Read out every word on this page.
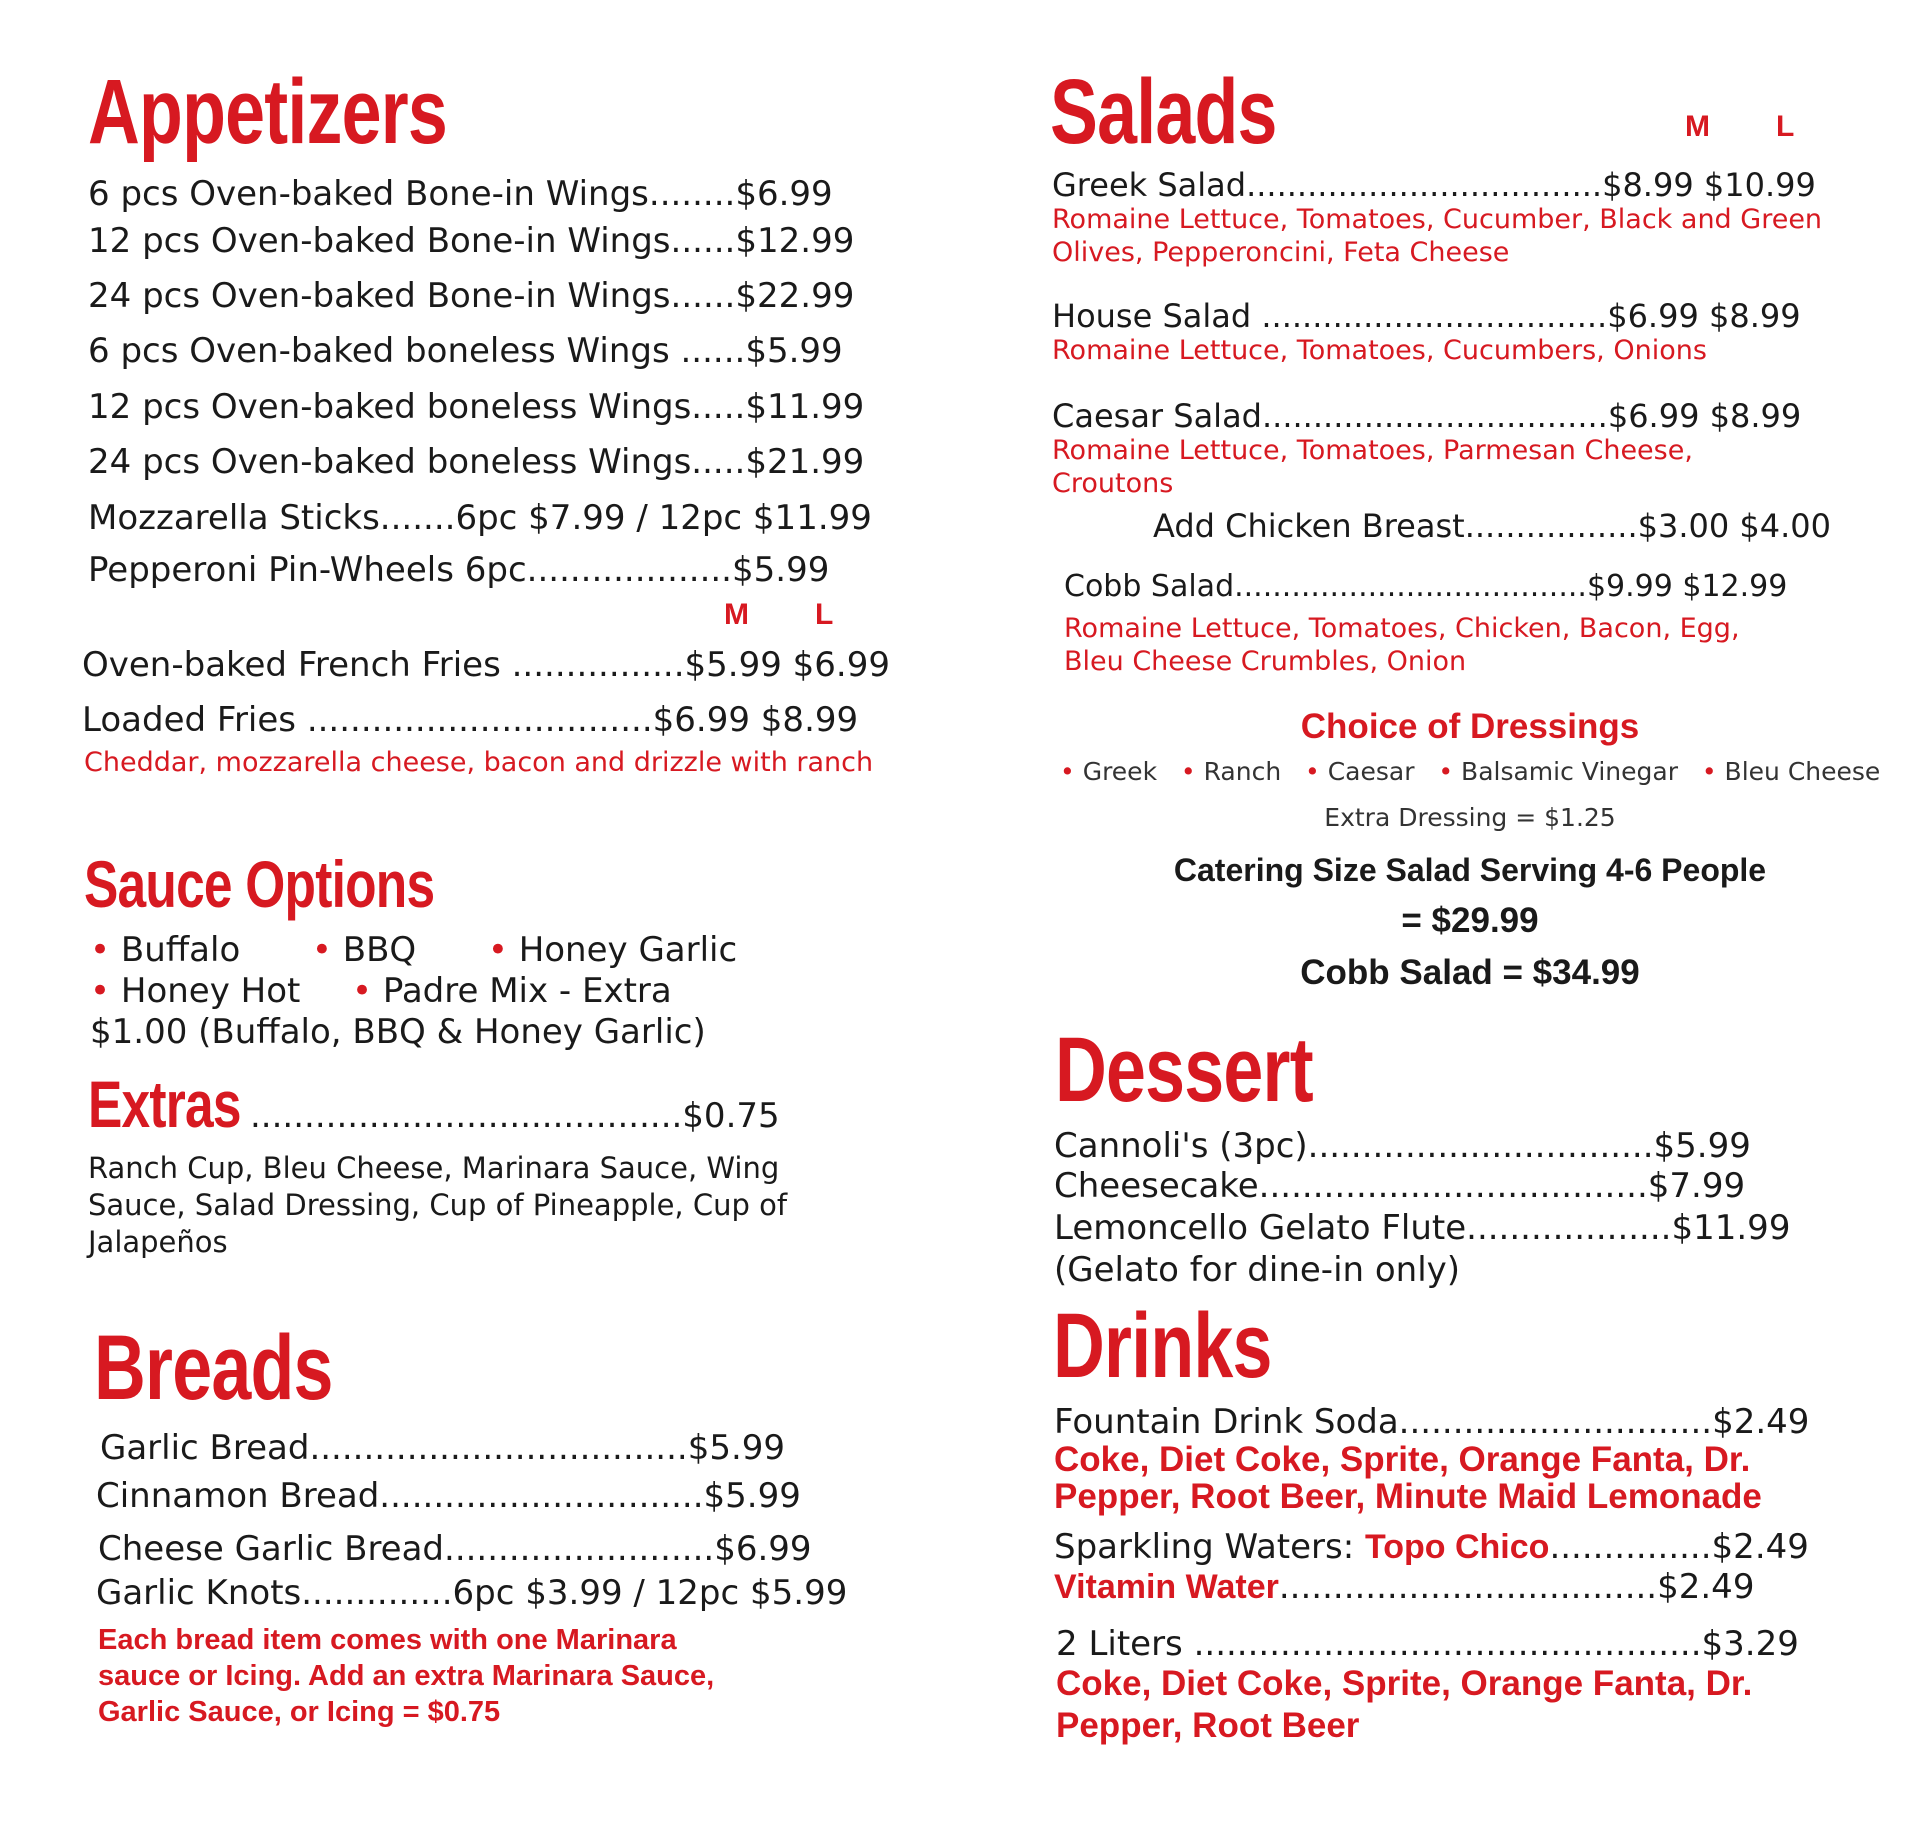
Appetizers
6 pcs Oven-baked Bone-in Wings........$6.99
12 pcs Oven-baked Bone-in Wings......$12.99
24 pcs Oven-baked Bone-in Wings......$22.99
6 pcs Oven-baked boneless Wings ......$5.99
12 pcs Oven-baked boneless Wings.....$11.99
24 pcs Oven-baked boneless Wings.....$21.99
Mozzarella Sticks.......6pc $7.99 / 12pc $11.99
Pepperoni Pin-Wheels 6pc...................$5.99
M L
Oven-baked French Fries ................$5.99 $6.99
Loaded Fries ................................$6.99 $8.99
Cheddar, mozzarella cheese, bacon and drizzle with ranch
Sauce Options
• Buffalo • BBQ • Honey Garlic
• Honey Hot • Padre Mix - Extra
$1.00 (Buffalo, BBQ & Honey Garlic)
Extras ........................................$0.75
Ranch Cup, Bleu Cheese, Marinara Sauce, Wing
Sauce, Salad Dressing, Cup of Pineapple, Cup of
Jalapeños
Breads
Garlic Bread...................................$5.99
Cinnamon Bread..............................$5.99
Cheese Garlic Bread.........................$6.99
Garlic Knots..............6pc $3.99 / 12pc $5.99
Each bread item comes with one Marinara
sauce or Icing. Add an extra Marinara Sauce,
Garlic Sauce, or Icing = $0.75
Salads	M L
Greek Salad...................................$8.99 $10.99
Romaine Lettuce, Tomatoes, Cucumber, Black and Green
Olives, Pepperoncini, Feta Cheese
House Salad ..................................$6.99 $8.99
Romaine Lettuce, Tomatoes, Cucumbers, Onions
Caesar Salad..................................$6.99 $8.99
Romaine Lettuce, Tomatoes, Parmesan Cheese,
Croutons
Add Chicken Breast.................$3.00 $4.00
Cobb Salad.....................................$9.99 $12.99
Romaine Lettuce, Tomatoes, Chicken, Bacon, Egg,
Bleu Cheese Crumbles, Onion
Choice of Dressings
• Greek • Ranch • Caesar • Balsamic Vinegar • Bleu Cheese
Extra Dressing = $1.25
Catering Size Salad Serving 4-6 People
= $29.99
Cobb Salad = $34.99
Dessert
Cannoli's (3pc)................................$5.99
Cheesecake....................................$7.99
Lemoncello Gelato Flute...................$11.99
(Gelato for dine-in only)
Drinks
Fountain Drink Soda.............................$2.49
Coke, Diet Coke, Sprite, Orange Fanta, Dr.
Pepper, Root Beer, Minute Maid Lemonade
Sparkling Waters: Topo Chico...............$2.49
Vitamin Water...................................$2.49
2 Liters ...............................................$3.29
Coke, Diet Coke, Sprite, Orange Fanta, Dr.
Pepper, Root Beer
